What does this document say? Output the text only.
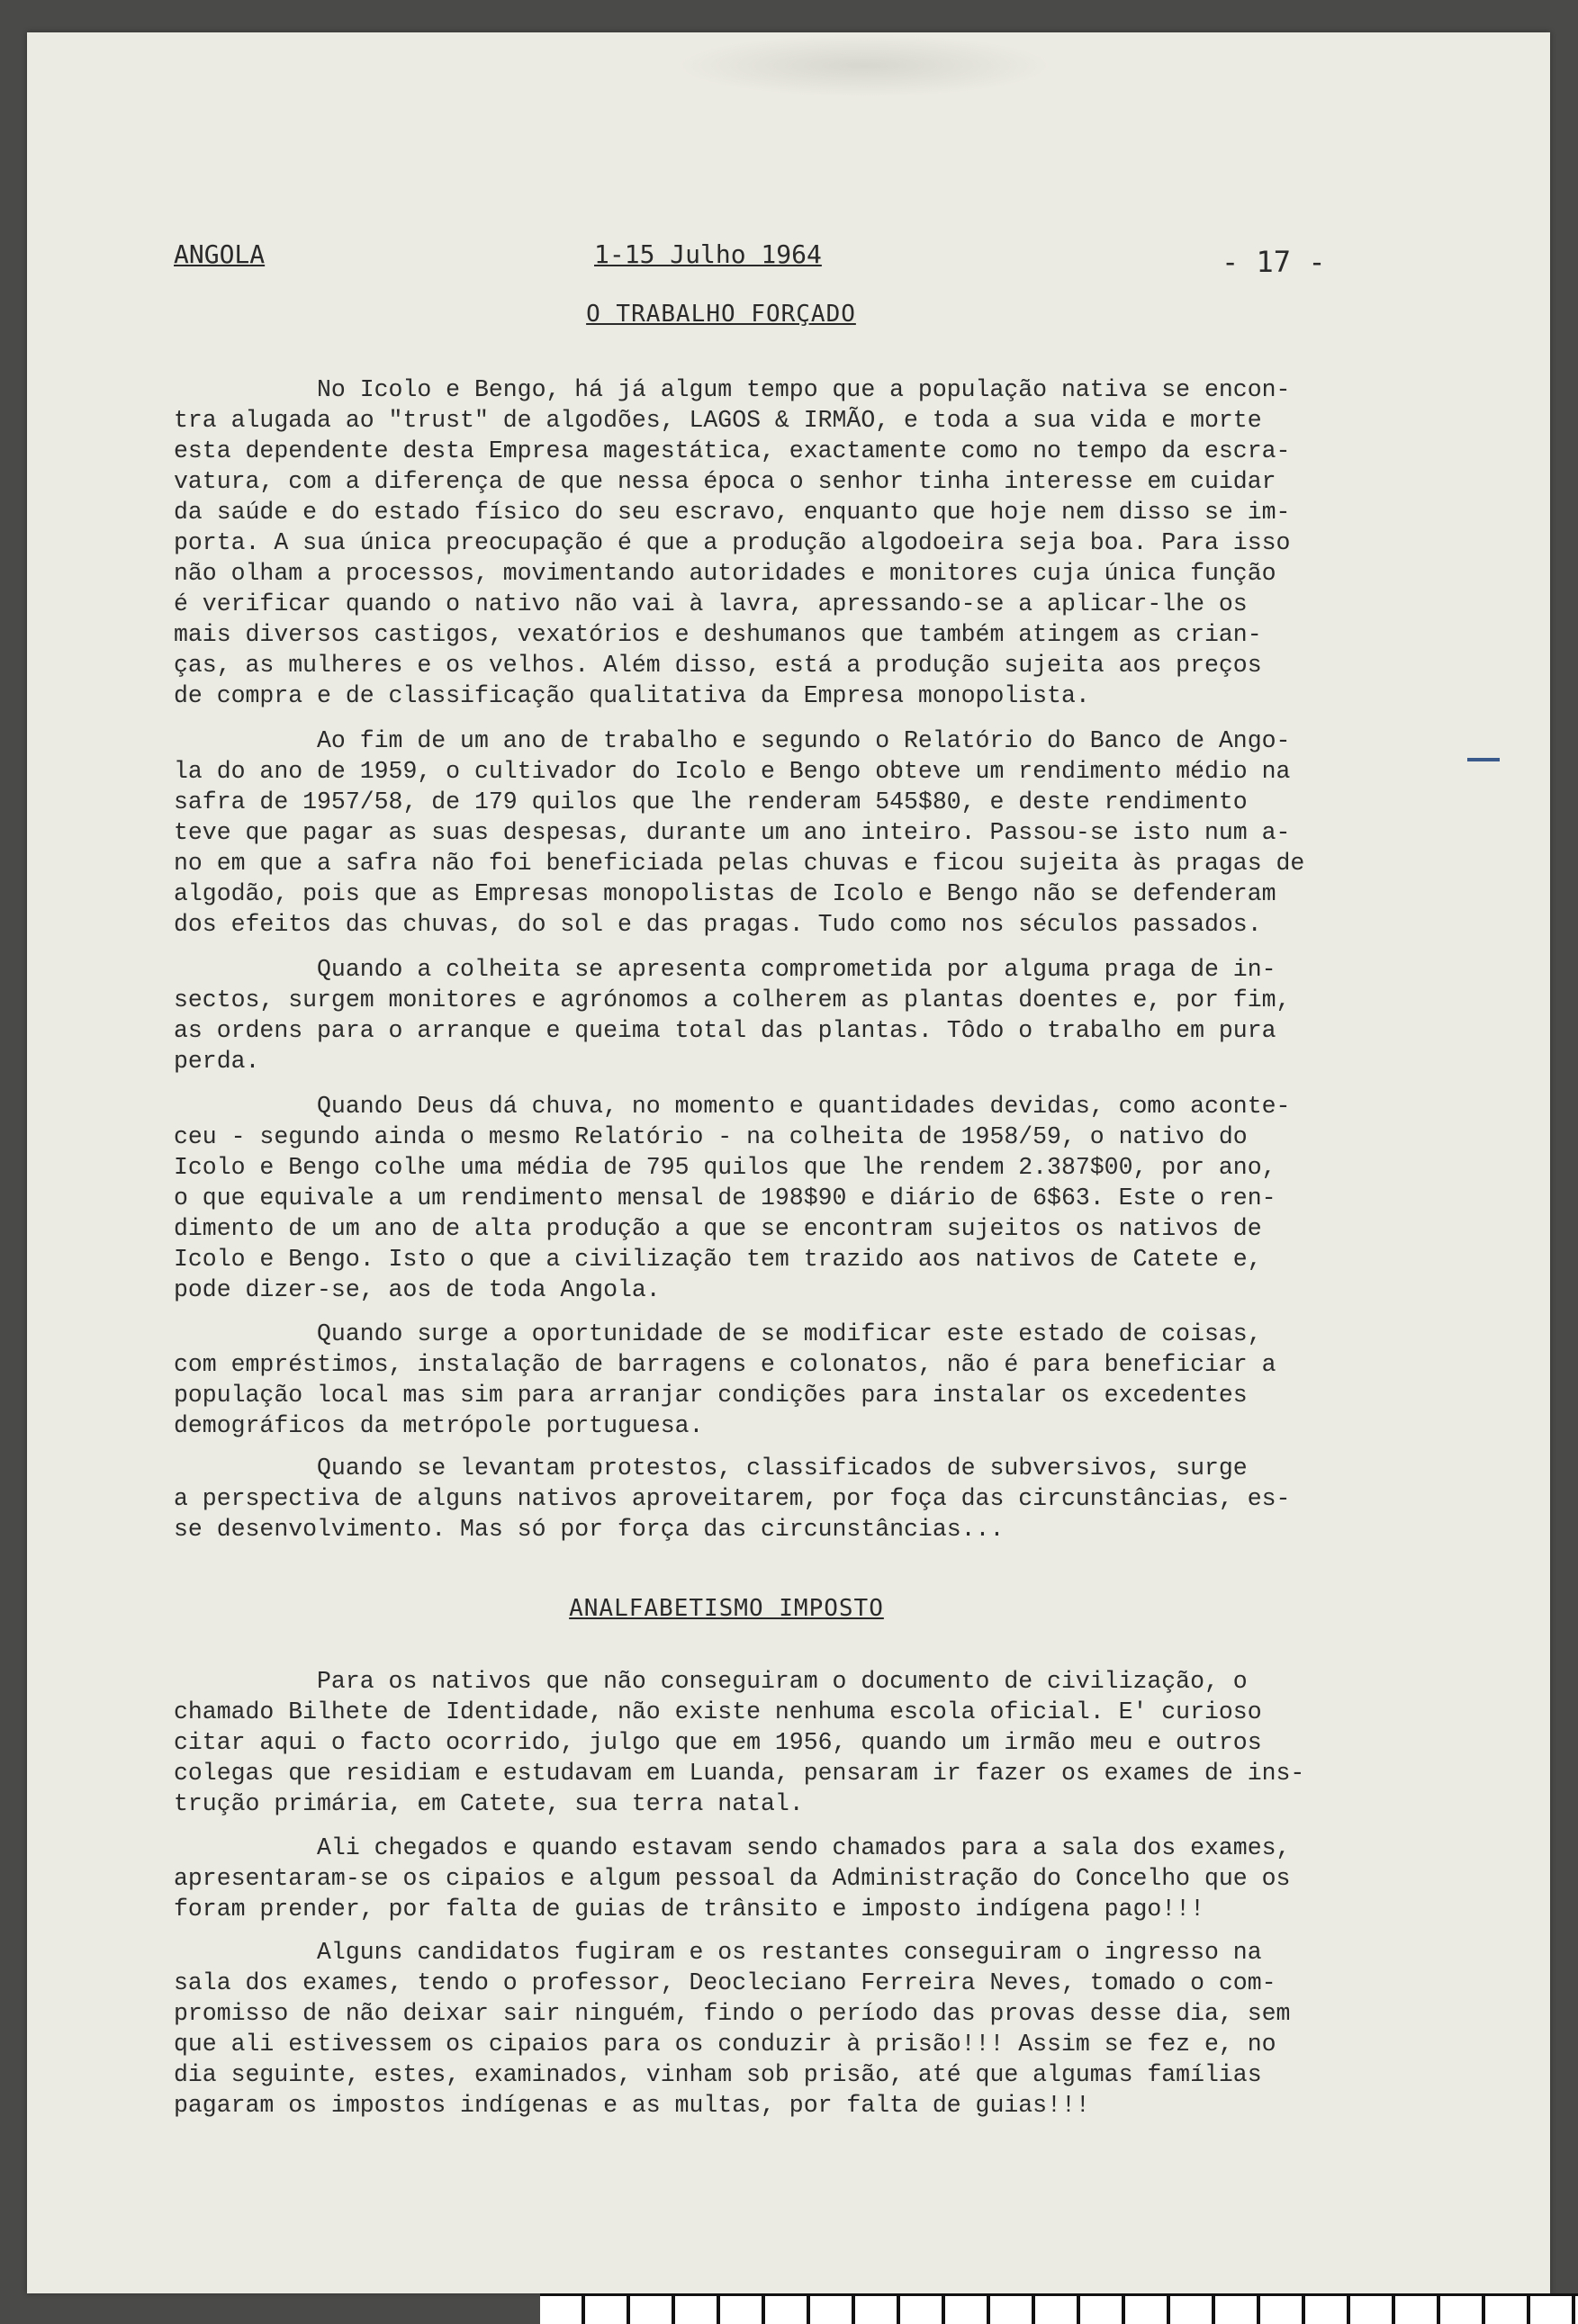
ANGOLA	1-15 Julho 1964	- 17 -
O TRABALHO FORÇADO
No Icolo e Bengo, há já algum tempo que a população nativa se encon-
tra alugada ao "trust" de algodões, LAGOS & IRMÃO, e toda a sua vida e morte
esta dependente desta Empresa magestática, exactamente como no tempo da escra-
vatura, com a diferença de que nessa época o senhor tinha interesse em cuidar
da saúde e do estado físico do seu escravo, enquanto que hoje nem disso se im-
porta. A sua única preocupação é que a produção algodoeira seja boa. Para isso
não olham a processos, movimentando autoridades e monitores cuja única função
é verificar quando o nativo não vai à lavra, apressando-se a aplicar-lhe os
mais diversos castigos, vexatórios e deshumanos que também atingem as crian-
ças, as mulheres e os velhos. Além disso, está a produção sujeita aos preços
de compra e de classificação qualitativa da Empresa monopolista.
Ao fim de um ano de trabalho e segundo o Relatório do Banco de Ango-
la do ano de 1959, o cultivador do Icolo e Bengo obteve um rendimento médio na
safra de 1957/58, de 179 quilos que lhe renderam 545$80, e deste rendimento
teve que pagar as suas despesas, durante um ano inteiro. Passou-se isto num a-
no em que a safra não foi beneficiada pelas chuvas e ficou sujeita às pragas de
algodão, pois que as Empresas monopolistas de Icolo e Bengo não se defenderam
dos efeitos das chuvas, do sol e das pragas. Tudo como nos séculos passados.
Quando a colheita se apresenta comprometida por alguma praga de in-
sectos, surgem monitores e agrónomos a colherem as plantas doentes e, por fim,
as ordens para o arranque e queima total das plantas. Tôdo o trabalho em pura
perda.
Quando Deus dá chuva, no momento e quantidades devidas, como aconte-
ceu - segundo ainda o mesmo Relatório - na colheita de 1958/59, o nativo do
Icolo e Bengo colhe uma média de 795 quilos que lhe rendem 2.387$00, por ano,
o que equivale a um rendimento mensal de 198$90 e diário de 6$63. Este o ren-
dimento de um ano de alta produção a que se encontram sujeitos os nativos de
Icolo e Bengo. Isto o que a civilização tem trazido aos nativos de Catete e,
pode dizer-se, aos de toda Angola.
Quando surge a oportunidade de se modificar este estado de coisas,
com empréstimos, instalação de barragens e colonatos, não é para beneficiar a
população local mas sim para arranjar condições para instalar os excedentes
demográficos da metrópole portuguesa.
Quando se levantam protestos, classificados de subversivos, surge
a perspectiva de alguns nativos aproveitarem, por foça das circunstâncias, es-
se desenvolvimento. Mas só por força das circunstâncias...
ANALFABETISMO IMPOSTO
Para os nativos que não conseguiram o documento de civilização, o
chamado Bilhete de Identidade, não existe nenhuma escola oficial. E' curioso
citar aqui o facto ocorrido, julgo que em 1956, quando um irmão meu e outros
colegas que residiam e estudavam em Luanda, pensaram ir fazer os exames de ins-
trução primária, em Catete, sua terra natal.
Ali chegados e quando estavam sendo chamados para a sala dos exames,
apresentaram-se os cipaios e algum pessoal da Administração do Concelho que os
foram prender, por falta de guias de trânsito e imposto indígena pago!!!
Alguns candidatos fugiram e os restantes conseguiram o ingresso na
sala dos exames, tendo o professor, Deocleciano Ferreira Neves, tomado o com-
promisso de não deixar sair ninguém, findo o período das provas desse dia, sem
que ali estivessem os cipaios para os conduzir à prisão!!! Assim se fez e, no
dia seguinte, estes, examinados, vinham sob prisão, até que algumas famílias
pagaram os impostos indígenas e as multas, por falta de guias!!!
